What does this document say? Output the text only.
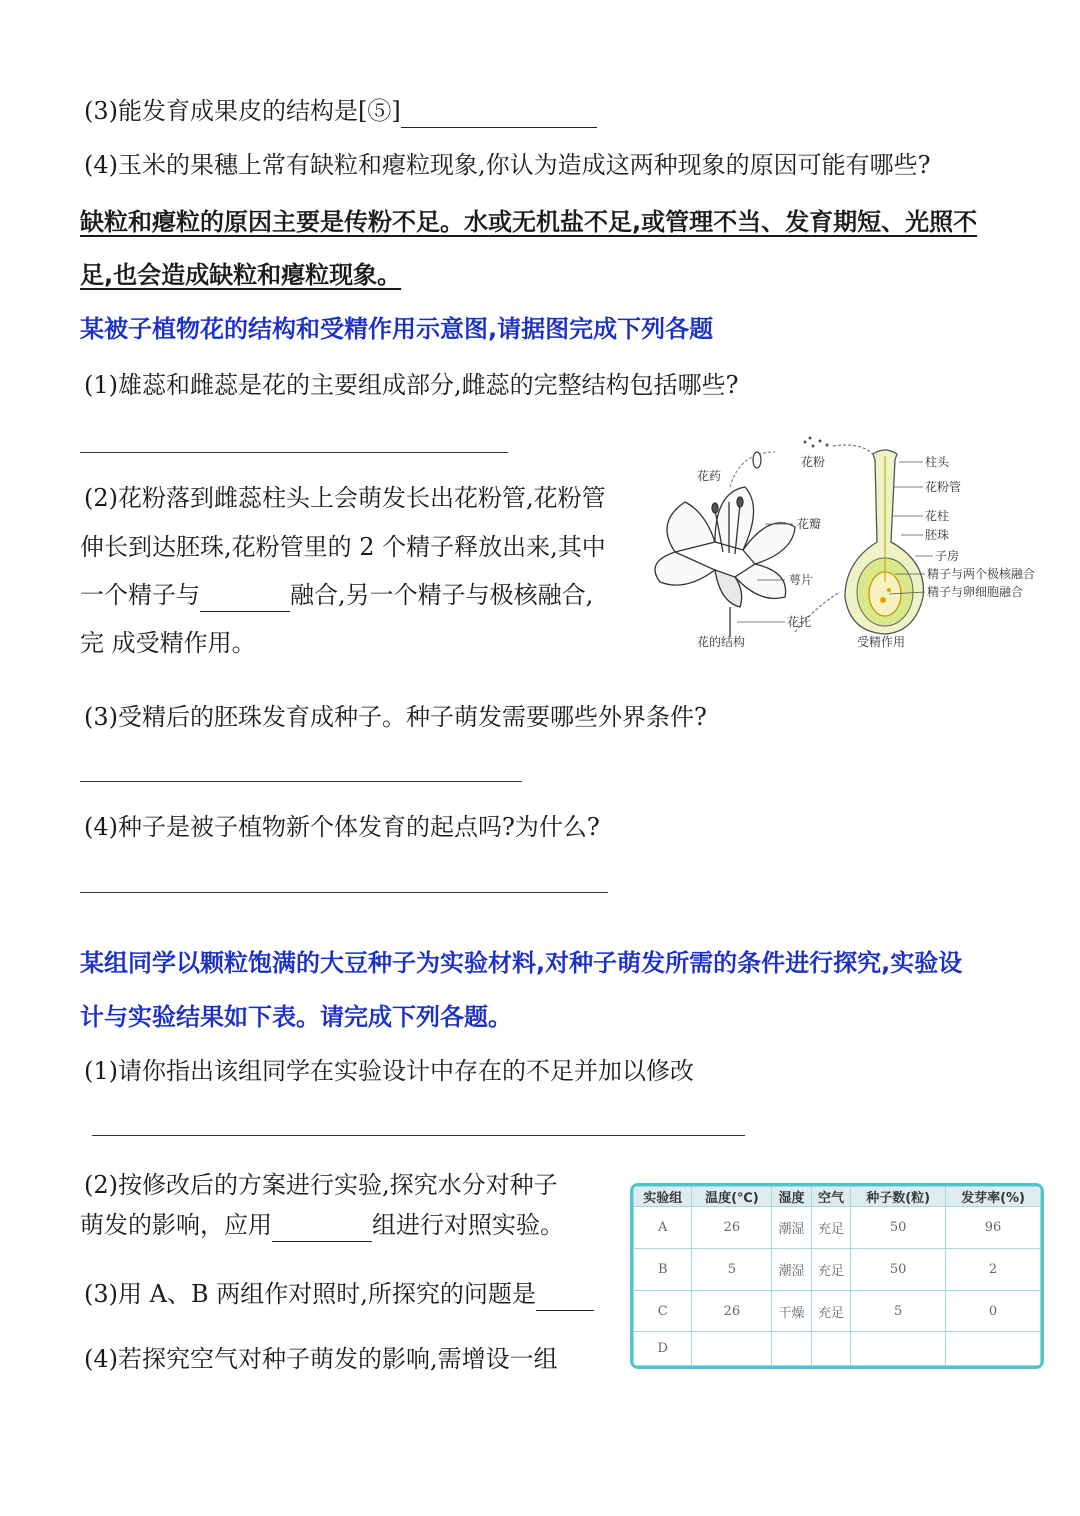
(3)能发育成果皮的结构是[⑤]
(4)玉米的果穗上常有缺粒和瘪粒现象,你认为造成这两种现象的原因可能有哪些?
缺粒和瘪粒的原因主要是传粉不足。水或无机盐不足,或管理不当、发育期短、光照不
足,也会造成缺粒和瘪粒现象。
某被子植物花的结构和受精作用示意图,请据图完成下列各题
(1)雄蕊和雌蕊是花的主要组成部分,雌蕊的完整结构包括哪些?
(2)花粉落到雌蕊柱头上会萌发长出花粉管,花粉管
伸长到达胚珠,花粉管里的 2 个精子释放出来,其中
一个精子与	融合,另一个精子与极核融合,
完 成受精作用。
花药
花粉
花瓣
萼片
花托
花的结构
柱头
花粉管
花柱
胚珠
子房
精子与两个极核融合
精子与卵细胞融合
受精作用
(3)受精后的胚珠发育成种子。种子萌发需要哪些外界条件?
(4)种子是被子植物新个体发育的起点吗?为什么?
某组同学以颗粒饱满的大豆种子为实验材料,对种子萌发所需的条件进行探究,实验设
计与实验结果如下表。请完成下列各题。
(1)请你指出该组同学在实验设计中存在的不足并加以修改
(2)按修改后的方案进行实验,探究水分对种子
萌发的影响，应用	组进行对照实验。
(3)用 A、B 两组作对照时,所探究的问题是
(4)若探究空气对种子萌发的影响,需增设一组
实验组	温度(℃)	湿度	空气	种子数(粒)	发芽率(%)
A	26	潮湿	充足	50	96
B	5	潮湿	充足	50	2
C	26	干燥	充足	5	0
D					
